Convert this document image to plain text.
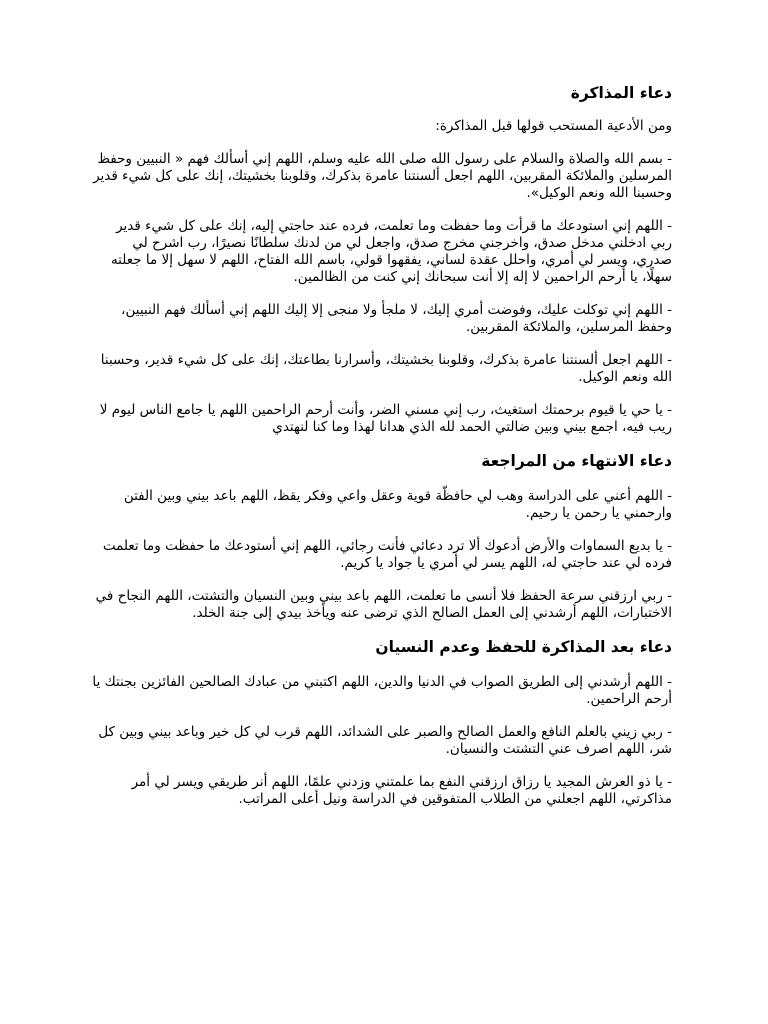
دعاء المذاكرة

ومن الأدعية المستحب قولها قبل المذاكرة:

- بسم الله والصلاة والسلام على رسول الله صلى الله عليه وسلم، اللهم إني أسألك فهم « النبيين وحفظ المرسلين والملائكة المقربين، اللهم اجعل ألسنتنا عامرة بذكرك، وقلوبنا بخشيتك، إنك على كل شيء قدير وحسبنا الله ونعم الوكيل».

- اللهم إني استودعك ما قرأت وما حفظت وما تعلمت، فرده عند حاجتي إليه، إنك على كل شيء قدير ربي ادخلني مدخل صدق، واخرجني مخرج صدق، واجعل لي من لدنك سلطانًا نصيرًا، رب اشرح لي صدري، ويسر لي أمري، واحلل عقدة لساني، يفقهوا قولي، باسم الله الفتاح، اللهم لا سهل إلا ما جعلته سهلًا، يا أرحم الراحمين لا إله إلا أنت سبحانك إني كنت من الظالمين.

- اللهم إني توكلت عليك، وفوضت أمري إليك، لا ملجأ ولا منجى إلا إليك اللهم إني أسألك فهم النبيين، وحفظ المرسلين، والملائكة المقربين.

- اللهم اجعل ألسنتنا عامرة بذكرك، وقلوبنا بخشيتك، وأسرارنا بطاعتك، إنك على كل شيء قدير، وحسبنا الله ونعم الوكيل.

- يا حي يا قيوم برحمتك استغيث، رب إني مسني الضر، وأنت أرحم الراحمين اللهم يا جامع الناس ليوم لا ريب فيه، اجمع بيني وبين ضالتي الحمد لله الذي هدانا لهذا وما كنا لنهتدي

دعاء الانتهاء من المراجعة

- اللهم أعني على الدراسة وهب لي حافظّة قوية وعقل واعي وفكر يقظ، اللهم باعد بيني وبين الفتن وارحمني يا رحمن يا رحيم.

- يا بديع السماوات والأرض أدعوك ألا ترد دعائي فأنت رجائي، اللهم إني أستودعك ما حفظت وما تعلمت فرده لي عند حاجتي له، اللهم يسر لي أمري يا جواد يا كريم.

- ربي ارزقني سرعة الحفظ فلا أنسى ما تعلمت، اللهم باعد بيني وبين النسيان والتشتت، اللهم النجاح في الاختبارات، اللهم أرشدني إلى العمل الصالح الذي ترضى عنه ويأخذ بيدي إلى جنة الخلد.

دعاء بعد المذاكرة للحفظ وعدم النسيان

- اللهم أرشدني إلى الطريق الصواب في الدنيا والدين، اللهم اكتبني من عبادك الصالحين الفائزين بجنتك يا أرحم الراحمين.

- ربي زيني بالعلم النافع والعمل الصالح والصبر على الشدائد، اللهم قرب لي كل خير وباعد بيني وبين كل شر، اللهم اصرف عني التشتت والنسيان.

- يا ذو العرش المجيد يا رزاق ارزقني النفع بما علمتني وزدني علمًا، اللهم أنر طريقي ويسر لي أمر مذاكرتي، اللهم اجعلني من الطلاب المتفوقين في الدراسة ونيل أعلى المراتب.
